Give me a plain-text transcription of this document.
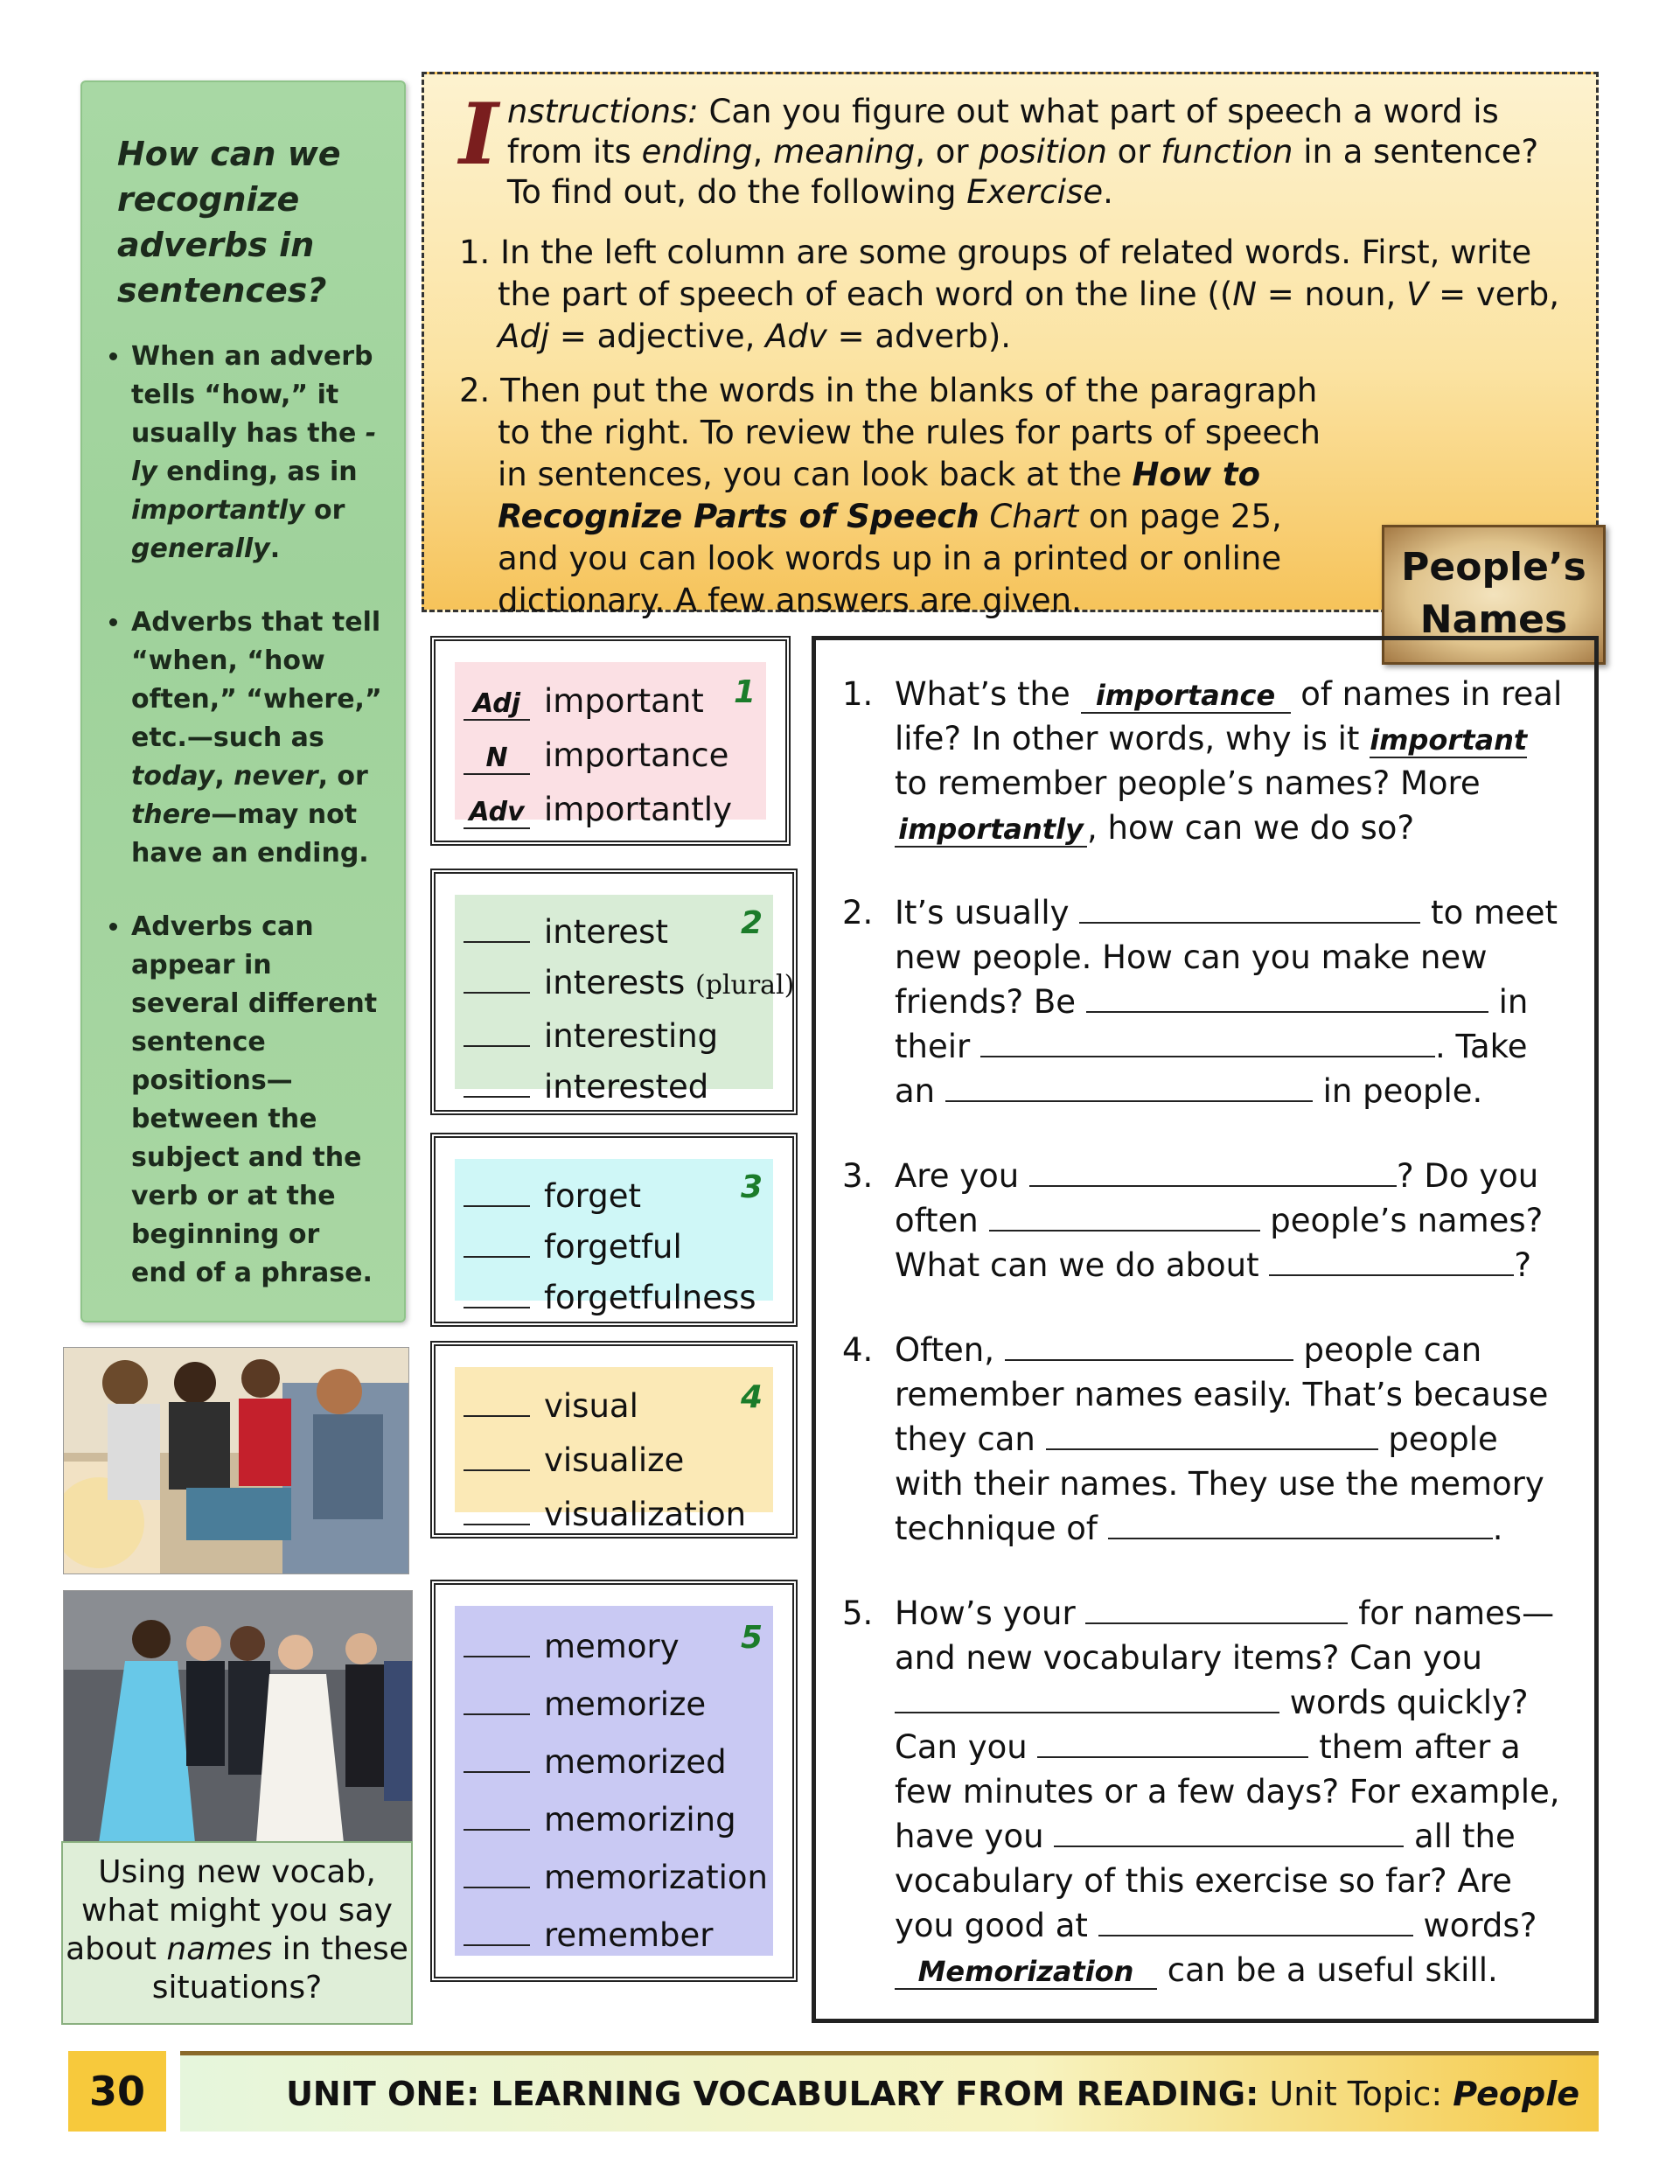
How can we recognize adverbs in sentences?
• When an adverb tells “how,” it usually has the -ly ending, as in importantly or generally.
• Adverbs that tell “when, “how often,” “where,” etc.—such as today, never, or there—may not have an ending.
• Adverbs can appear in several different sentence positions—between the subject and the verb or at the beginning or end of a phrase.
I nstructions: Can you figure out what part of speech a word is from its ending, meaning, or position or function in a sentence? To find out, do the following Exercise.

1. In the left column are some groups of related words. First, write the part of speech of each word on the line ((N = noun, V = verb, Adj = adjective, Adv = adverb).
2. Then put the words in the blanks of the paragraph to the right. To review the rules for parts of speech in sentences, you can look back at the How to Recognize Parts of Speech Chart on page 25, and you can look words up in a printed or online dictionary. A few answers are given.
People’s
Names
1
Adj important
N importance
Adv importantly
2
interest
interests (plural)
interesting
interested
3
forget
forgetful
forgetfulness
4
visual
visualize
visualization
5
memory
memorize
memorized
memorizing
memorization
remember
1. What’s the importance of names in real life? In other words, why is it important to remember people’s names? More importantly , how can we do so?
2. It’s usually	to meet new people. How can you make new friends? Be	in their	. Take an	in people.
3. Are you	? Do you often	people’s names? What can we do about	?
4. Often,	people can remember names easily. That’s because they can	people with their names. They use the memory technique of	.
5. How’s your	for names—and new vocabulary items? Can you  words quickly? Can you	them after a few minutes or a few days? For example, have you	all the vocabulary of this exercise so far? Are you good at	words? Memorization can be a useful skill.
Using new vocab, what might you say about names in these situations?
30	UNIT ONE: LEARNING VOCABULARY FROM READING: Unit Topic: People
